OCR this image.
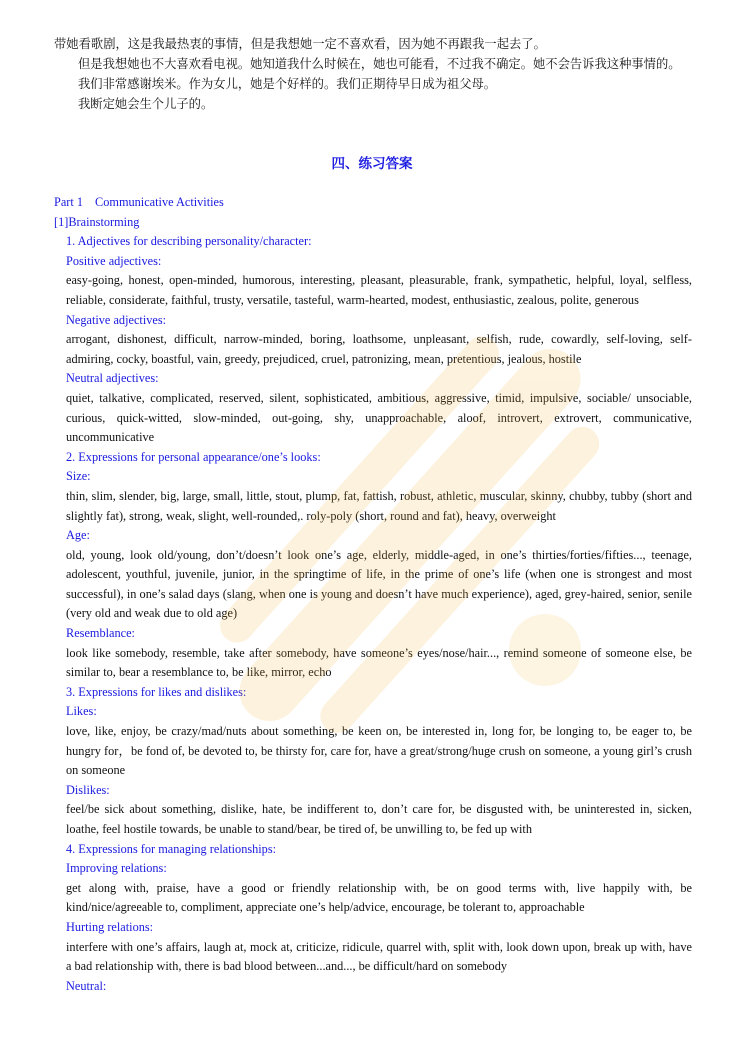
带她看歌剧，这是我最热衷的事情，但是我想她一定不喜欢看，因为她不再跟我一起去了。

但是我想她也不大喜欢看电视。她知道我什么时候在，她也可能看，不过我不确定。她不会告诉我这种事情的。

我们非常感谢埃米。作为女儿，她是个好样的。我们正期待早日成为祖父母。

我断定她会生个儿子的。

四、练习答案

Part 1 Communicative Activities

[1]Brainstorming

1. Adjectives for describing personality/character:

Positive adjectives:

easy-going, honest, open-minded, humorous, interesting, pleasant, pleasurable, frank, sympathetic, helpful, loyal, selfless, reliable, considerate, faithful, trusty, versatile, tasteful, warm-hearted, modest, enthusiastic, zealous, polite, generous

Negative adjectives:

arrogant, dishonest, difficult, narrow-minded, boring, loathsome, unpleasant, selfish, rude, cowardly, self-loving, self-admiring, cocky, boastful, vain, greedy, prejudiced, cruel, patronizing, mean, pretentious, jealous, hostile

Neutral adjectives:

quiet, talkative, complicated, reserved, silent, sophisticated, ambitious, aggressive, timid, impulsive, sociable/ unsociable, curious, quick-witted, slow-minded, out-going, shy, unapproachable, aloof, introvert, extrovert, communicative, uncommunicative

2. Expressions for personal appearance/one’s looks:

Size:

thin, slim, slender, big, large, small, little, stout, plump, fat, fattish, robust, athletic, muscular, skinny, chubby, tubby (short and slightly fat), strong, weak, slight, well-rounded,. roly-poly (short, round and fat), heavy, overweight

Age:

old, young, look old/young, don’t/doesn’t look one’s age, elderly, middle-aged, in one’s thirties/forties/fifties..., teenage, adolescent, youthful, juvenile, junior, in the springtime of life, in the prime of one’s life (when one is strongest and most successful), in one’s salad days (slang, when one is young and doesn’t have much experience), aged, grey-haired, senior, senile (very old and weak due to old age)

Resemblance:

look like somebody, resemble, take after somebody, have someone’s eyes/nose/hair..., remind someone of someone else, be similar to, bear a resemblance to, be like, mirror, echo

3. Expressions for likes and dislikes:

Likes:

love, like, enjoy, be crazy/mad/nuts about something, be keen on, be interested in, long for, be longing to, be eager to, be hungry for，be fond of, be devoted to, be thirsty for, care for, have a great/strong/huge crush on someone, a young girl’s crush on someone

Dislikes:

feel/be sick about something, dislike, hate, be indifferent to, don’t care for, be disgusted with, be uninterested in, sicken, loathe, feel hostile towards, be unable to stand/bear, be tired of, be unwilling to, be fed up with

4. Expressions for managing relationships:

Improving relations:

get along with, praise, have a good or friendly relationship with, be on good terms with, live happily with, be kind/nice/agreeable to, compliment, appreciate one’s help/advice, encourage, be tolerant to, approachable

Hurting relations:

interfere with one’s affairs, laugh at, mock at, criticize, ridicule, quarrel with, split with, look down upon, break up with, have a bad relationship with, there is bad blood between...and..., be difficult/hard on somebody

Neutral:
